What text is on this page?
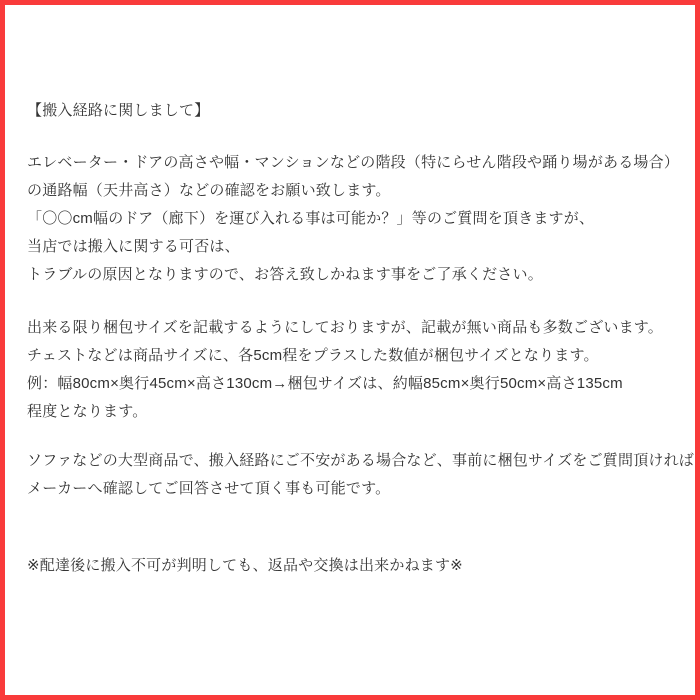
【搬入経路に関しまして】
エレベーター・ドアの高さや幅・マンションなどの階段（特にらせん階段や踊り場がある場合）
の通路幅（天井高さ）などの確認をお願い致します。
「〇〇cm幅のドア（廊下）を運び入れる事は可能か？」等のご質問を頂きますが、
当店では搬入に関する可否は、
トラブルの原因となりますので、お答え致しかねます事をご了承ください。
出来る限り梱包サイズを記載するようにしておりますが、記載が無い商品も多数ございます。
チェストなどは商品サイズに、各5cm程をプラスした数値が梱包サイズとなります。
例：幅80cm×奥行45cm×高さ130cm→梱包サイズは、約幅85cm×奥行50cm×高さ135cm
程度となります。
ソファなどの大型商品で、搬入経路にご不安がある場合など、事前に梱包サイズをご質問頂ければ
メーカーへ確認してご回答させて頂く事も可能です。
※配達後に搬入不可が判明しても、返品や交換は出来かねます※
